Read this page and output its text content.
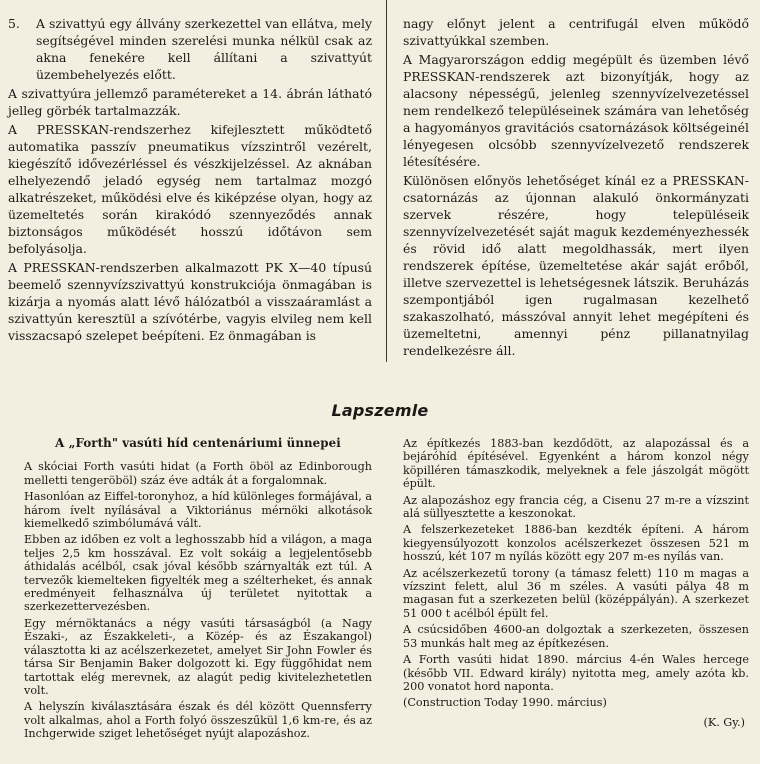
5.	A szivattyú egy állvány szerkezettel van ellátva, mely segítségével minden szerelési munka nélkül csak az akna fenekére kell állítani a szivattyút üzembehelyezés előtt.

A szivattyúra jellemző paramétereket a 14. ábrán látható jelleg görbék tartalmazzák.

A PRESSKAN-rendszerhez kifejlesztett működtető automatika passzív pneumatikus vízszintről vezérelt, kiegészítő idővezérléssel és vészkijelzéssel. Az aknában elhelyezendő jeladó egység nem tartalmaz mozgó alkatrészeket, működési elve és kiképzése olyan, hogy az üzemeltetés során kirakódó szennyeződés annak biztonságos működését hosszú időtávon sem befolyásolja.

A PRESSKAN-rendszerben alkalmazott PK X—40 típusú beemelő szennyvízszivattyú konstrukciója önmagában is kizárja a nyomás alatt lévő hálózatból a visszaáramlást a szivattyún keresztül a szívótérbe, vagyis elvileg nem kell visszacsapó szelepet beépíteni. Ez önmagában is

nagy előnyt jelent a centrifugál elven működő szivattyúkkal szemben.

A Magyarországon eddig megépült és üzemben lévő PRESSKAN-rendszerek azt bizonyítják, hogy az alacsony népességű, jelenleg szennyvízelvezetéssel nem rendelkező településeinek számára van lehetőség a hagyományos gravitációs csatornázások költségeinél lényegesen olcsóbb szennyvízelvezető rendszerek létesítésére.

Különösen előnyös lehetőséget kínál ez a PRESSKAN-csatornázás az újonnan alakuló önkormányzati szervek részére, hogy településeik szennyvízelvezetését saját maguk kezdeményezhessék és rövid idő alatt megoldhassák, mert ilyen rendszerek építése, üzemeltetése akár saját erőből, illetve szervezettel is lehetségesnek látszik. Beruházás szempontjából igen rugalmasan kezelhető szakaszolható, másszóval annyit lehet megépíteni és üzemeltetni, amennyi pénz pillanatnyilag rendelkezésre áll.

Lapszemle
A „Forth" vasúti híd centenáriumi ünnepei

A skóciai Forth vasúti hidat (a Forth öböl az Edinborough melletti tengeröböl) száz éve adták át a forgalomnak.

Hasonlóan az Eiffel-toronyhoz, a híd különleges formájával, a három ívelt nyílásával a Viktoriánus mérnöki alkotások kiemelkedő szimbólumává vált.

Ebben az időben ez volt a leghosszabb híd a világon, a maga teljes 2,5 km hosszával. Ez volt sokáig a legjelentősebb áthidalás acélból, csak jóval később szárnyalták ezt túl. A tervezők kiemelteken figyelték meg a szélterheket, és annak eredményeit felhasználva új területet nyitottak a szerkezettervezésben.

Egy mérnöktanács a négy vasúti társaságból (a Nagy Északi-, az Északkeleti-, a Közép- és az Északangol) választotta ki az acélszerkezetet, amelyet Sir John Fowler és társa Sir Benjamin Baker dolgozott ki. Egy függőhidat nem tartottak elég merevnek, az alagút pedig kivitelezhetetlen volt.

A helyszín kiválasztására észak és dél között Quennsferry volt alkalmas, ahol a Forth folyó összeszűkül 1,6 km-re, és az Inchgerwide sziget lehetőséget nyújt alapozáshoz.

Az építkezés 1883-ban kezdődött, az alapozással és a bejáróhíd építésével. Egyenként a három konzol négy köpilléren támaszkodik, melyeknek a fele jászolgát mögött épült.

Az alapozáshoz egy francia cég, a Cisenu 27 m-re a vízszint alá süllyesztette a keszonokat.

A felszerkezeteket 1886-ban kezdték építeni. A három kiegyensúlyozott konzolos acélszerkezet összesen 521 m hosszú, két 107 m nyílás között egy 207 m-es nyílás van.

Az acélszerkezetű torony (a támasz felett) 110 m magas a vízszint felett, alul 36 m széles. A vasúti pálya 48 m magasan fut a szerkezeten belül (középpályán). A szerkezet 51 000 t acélból épült fel.

A csúcsidőben 4600-an dolgoztak a szerkezeten, összesen 53 munkás halt meg az építkezésen.

A Forth vasúti hidat 1890. március 4-én Wales hercege (később VII. Edward király) nyitotta meg, amely azóta kb. 200 vonatot hord naponta.

(Construction Today 1990. március)

(K. Gy.)
